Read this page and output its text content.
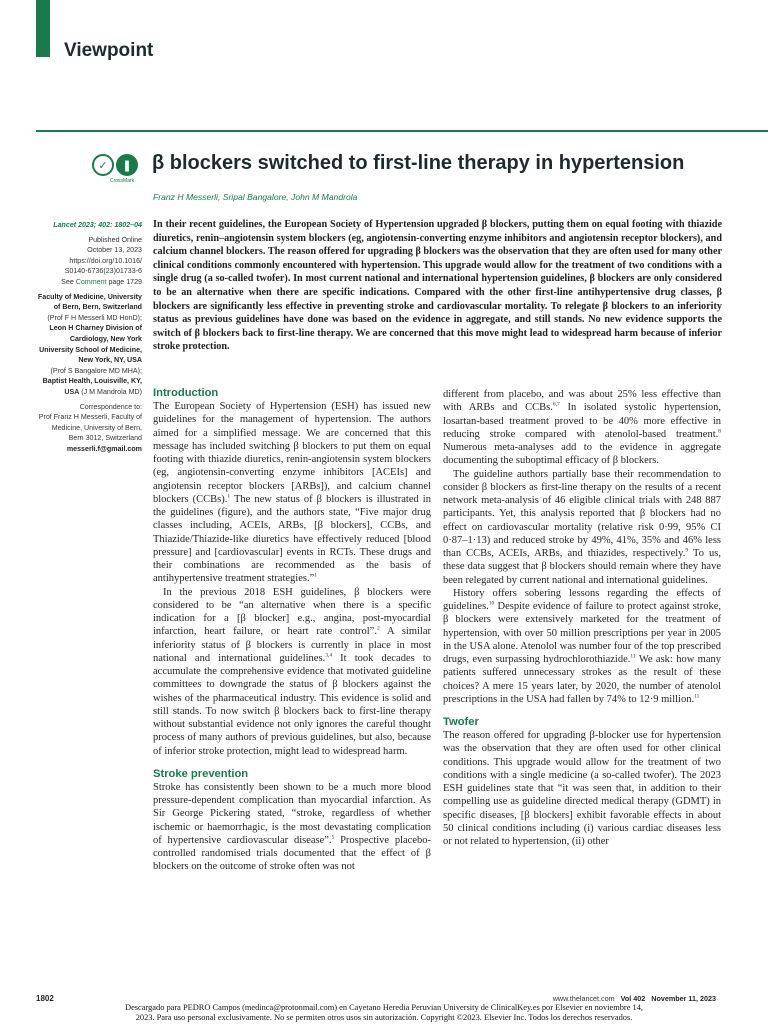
Viewpoint
✓	❚
CrossMark
β blockers switched to first-line therapy in hypertension
Franz H Messerli, Sripal Bangalore, John M Mandrola

Lancet 2023; 402: 1802–04

Published Online

October 13, 2023

https://doi.org/10.1016/

S0140-6736(23)01733-6

See Comment page 1729

Faculty of Medicine, University

of Bern, Bern, Switzerland

(Prof F H Messerli MD HonD);

Leon H Charney Division of

Cardiology, New York

University School of Medicine,

New York, NY, USA

(Prof S Bangalore MD MHA);

Baptist Health, Louisville, KY,

USA (J M Mandrola MD)

Correspondence to:

Prof Franz H Messerli, Faculty of

Medicine, University of Bern,

Bern 3012, Switzerland

messerli.f@gmail.com

In their recent guidelines, the European Society of Hypertension upgraded β blockers, putting them on equal footing with thiazide diuretics, renin–angiotensin system blockers (eg, angiotensin-converting enzyme inhibitors and angiotensin receptor blockers), and calcium channel blockers. The reason offered for upgrading β blockers was the observation that they are often used for many other clinical conditions commonly encountered with hypertension. This upgrade would allow for the treatment of two conditions with a single drug (a so-called twofer). In most current national and international hypertension guidelines, β blockers are only considered to be an alternative when there are specific indications. Compared with the other first-line antihypertensive drug classes, β blockers are significantly less effective in preventing stroke and cardiovascular mortality. To relegate β blockers to an inferiority status as previous guidelines have done was based on the evidence in aggregate, and still stands. No new evidence supports the switch of β blockers back to first-line therapy. We are concerned that this move might lead to widespread harm because of inferior stroke protection.

Introduction

The European Society of Hypertension (ESH) has issued new guidelines for the management of hypertension. The authors aimed for a simplified message. We are concerned that this message has included switching β blockers to put them on equal footing with thiazide diuretics, renin-angiotensin system blockers (eg, angiotensin-converting enzyme inhibitors [ACEIs] and angiotensin receptor blockers [ARBs]), and calcium channel blockers (CCBs).$^1$ The new status of β blockers is illustrated in the guidelines (figure), and the authors state, “Five major drug classes including, ACEIs, ARBs, [β blockers], CCBs, and Thiazide/Thiazide-like diuretics have effectively reduced [blood pressure] and [cardiovascular] events in RCTs. These drugs and their combinations are recommended as the basis of antihypertensive treatment strategies.”$^1$

In the previous 2018 ESH guidelines, β blockers were considered to be “an alternative when there is a specific indication for a [β blocker] e.g., angina, post-myocardial infarction, heart failure, or heart rate control”.$^2$ A similar inferiority status of β blockers is currently in place in most national and international guidelines.$^{3,4}$ It took decades to accumulate the comprehensive evidence that motivated guideline committees to downgrade the status of β blockers against the wishes of the pharmaceutical industry. This evidence is solid and still stands. To now switch β blockers back to first-line therapy without substantial evidence not only ignores the careful thought process of many authors of previous guidelines, but also, because of inferior stroke protection, might lead to widespread harm.

Stroke prevention

Stroke has consistently been shown to be a much more blood pressure-dependent complication than myocardial infarction. As Sir George Pickering stated, “stroke, regardless of whether ischemic or haemorrhagic, is the most devastating complication of hypertensive cardiovascular disease”.$^5$ Prospective placebo-controlled randomised trials documented that the effect of β blockers on the outcome of stroke often was not

different from placebo, and was about 25% less effective than with ARBs and CCBs.$^{6,7}$ In isolated systolic hypertension, losartan-based treatment proved to be 40% more effective in reducing stroke compared with atenolol-based treatment.$^8$ Numerous meta-analyses add to the evidence in aggregate documenting the suboptimal efficacy of β blockers.

The guideline authors partially base their recommendation to consider β blockers as first-line therapy on the results of a recent network meta-analysis of 46 eligible clinical trials with 248 887 participants. Yet, this analysis reported that β blockers had no effect on cardiovascular mortality (relative risk 0·99, 95% CI 0·87–1·13) and reduced stroke by 49%, 41%, 35% and 46% less than CCBs, ACEIs, ARBs, and thiazides, respectively.$^9$ To us, these data suggest that β blockers should remain where they have been relegated by current national and international guidelines.

History offers sobering lessons regarding the effects of guidelines.$^{10}$ Despite evidence of failure to protect against stroke, β blockers were extensively marketed for the treatment of hypertension, with over 50 million prescriptions per year in 2005 in the USA alone. Atenolol was number four of the top prescribed drugs, even surpassing hydrochlorothiazide.$^{11}$ We ask: how many patients suffered unnecessary strokes as the result of these choices? A mere 15 years later, by 2020, the number of atenolol prescriptions in the USA had fallen by 74% to 12·9 million.$^{11}$

Twofer

The reason offered for upgrading β-blocker use for hypertension was the observation that they are often used for other clinical conditions. This upgrade would allow for the treatment of two conditions with a single medicine (a so-called twofer). The 2023 ESH guidelines state that “it was seen that, in addition to their compelling use as guideline directed medical therapy (GDMT) in specific diseases, [β blockers] exhibit favorable effects in about 50 clinical conditions including (i) various cardiac diseases less or not related to hypertension, (ii) other

1802	www.thelancet.com Vol 402 November 11, 2023
Descargado para PEDRO Campos (medinca@protonmail.com) en Cayetano Heredia Peruvian University de ClinicalKey.es por Elsevier en noviembre 14,
2023. Para uso personal exclusivamente. No se permiten otros usos sin autorización. Copyright ©2023. Elsevier Inc. Todos los derechos reservados.
